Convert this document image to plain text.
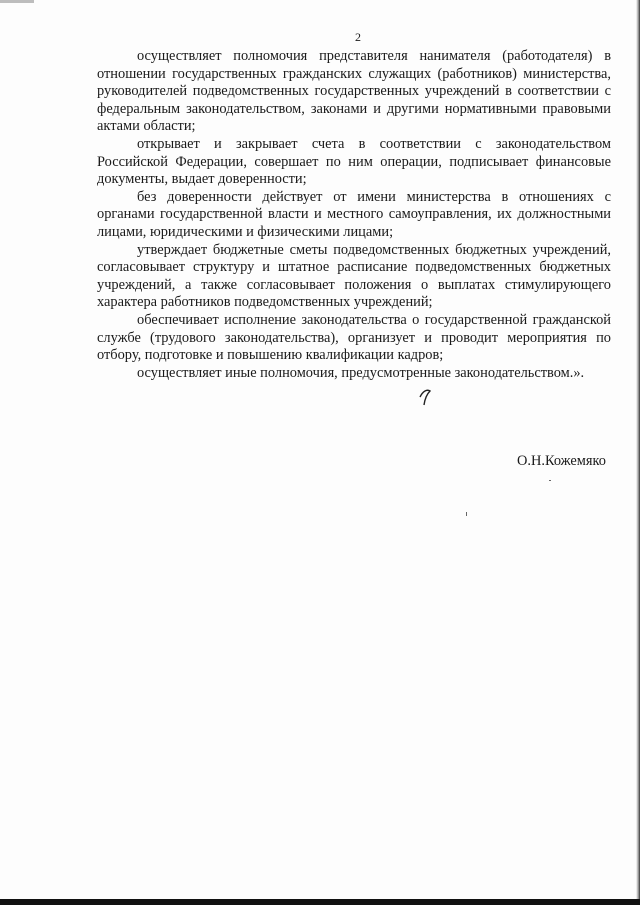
2

осуществляет полномочия представителя нанимателя (работодателя) в отношении государственных гражданских служащих (работников) министерства, руководителей подведомственных государственных учреждений в соответствии с федеральным законодательством, законами и другими нормативными правовыми актами области;

открывает и закрывает счета в соответствии с законодательством Российской Федерации, совершает по ним операции, подписывает финансовые документы, выдает доверенности;

без доверенности действует от имени министерства в отношениях с органами государственной власти и местного самоуправления, их должностными лицами, юридическими и физическими лицами;

утверждает бюджетные сметы подведомственных бюджетных учреждений, согласовывает структуру и штатное расписание подведомственных бюджетных учреждений, а также согласовывает положения о выплатах стимулирующего характера работников подведомственных учреждений;

обеспечивает исполнение законодательства о государственной гражданской службе (трудового законодательства), организует и проводит мероприятия по отбору, подготовке и повышению квалификации кадров;

осуществляет иные полномочия, предусмотренные законодательством.».

О.Н.Кожемяко
